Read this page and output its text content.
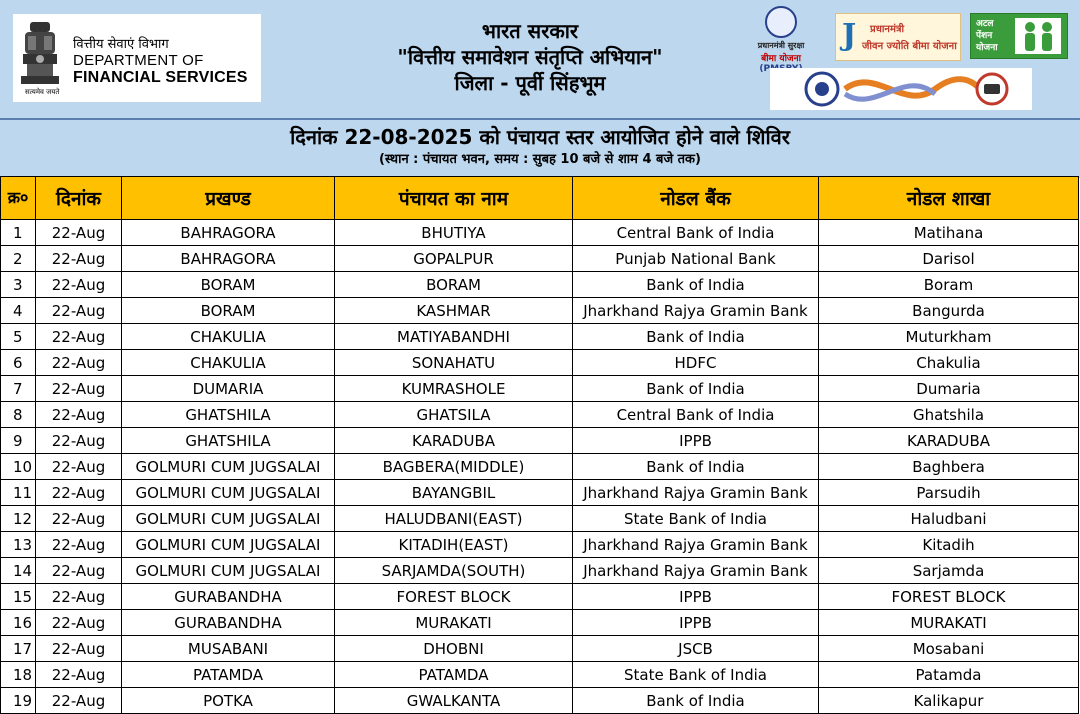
सत्यमेव जयते
वित्तीय सेवाएं विभाग
DEPARTMENT OF
FINANCIAL SERVICES
भारत सरकार
"वित्तीय समावेशन संतृप्ति अभियान"
जिला - पूर्वी सिंहभूम
प्रधानमंत्री सुरक्षा
बीमा योजना
(PMSBY)
J प्रधानमंत्री
जीवन ज्योति बीमा योजना
अटल पेंशन योजना
दिनांक 22-08-2025 को पंचायत स्तर आयोजित होने वाले शिविर
(स्थान : पंचायत भवन, समय : सुबह 10 बजे से शाम 4 बजे तक)
क्र०	दिनांक	प्रखण्ड	पंचायत का नाम	नोडल बैंक	नोडल शाखा
1	22-Aug	BAHRAGORA	BHUTIYA	Central Bank of India	Matihana
2	22-Aug	BAHRAGORA	GOPALPUR	Punjab National Bank	Darisol
3	22-Aug	BORAM	BORAM	Bank of India	Boram
4	22-Aug	BORAM	KASHMAR	Jharkhand Rajya Gramin Bank	Bangurda
5	22-Aug	CHAKULIA	MATIYABANDHI	Bank of India	Muturkham
6	22-Aug	CHAKULIA	SONAHATU	HDFC	Chakulia
7	22-Aug	DUMARIA	KUMRASHOLE	Bank of India	Dumaria
8	22-Aug	GHATSHILA	GHATSILA	Central Bank of India	Ghatshila
9	22-Aug	GHATSHILA	KARADUBA	IPPB	KARADUBA
10	22-Aug	GOLMURI CUM JUGSALAI	BAGBERA(MIDDLE)	Bank of India	Baghbera
11	22-Aug	GOLMURI CUM JUGSALAI	BAYANGBIL	Jharkhand Rajya Gramin Bank	Parsudih
12	22-Aug	GOLMURI CUM JUGSALAI	HALUDBANI(EAST)	State Bank of India	Haludbani
13	22-Aug	GOLMURI CUM JUGSALAI	KITADIH(EAST)	Jharkhand Rajya Gramin Bank	Kitadih
14	22-Aug	GOLMURI CUM JUGSALAI	SARJAMDA(SOUTH)	Jharkhand Rajya Gramin Bank	Sarjamda
15	22-Aug	GURABANDHA	FOREST BLOCK	IPPB	FOREST BLOCK
16	22-Aug	GURABANDHA	MURAKATI	IPPB	MURAKATI
17	22-Aug	MUSABANI	DHOBNI	JSCB	Mosabani
18	22-Aug	PATAMDA	PATAMDA	State Bank of India	Patamda
19	22-Aug	POTKA	GWALKANTA	Bank of India	Kalikapur
